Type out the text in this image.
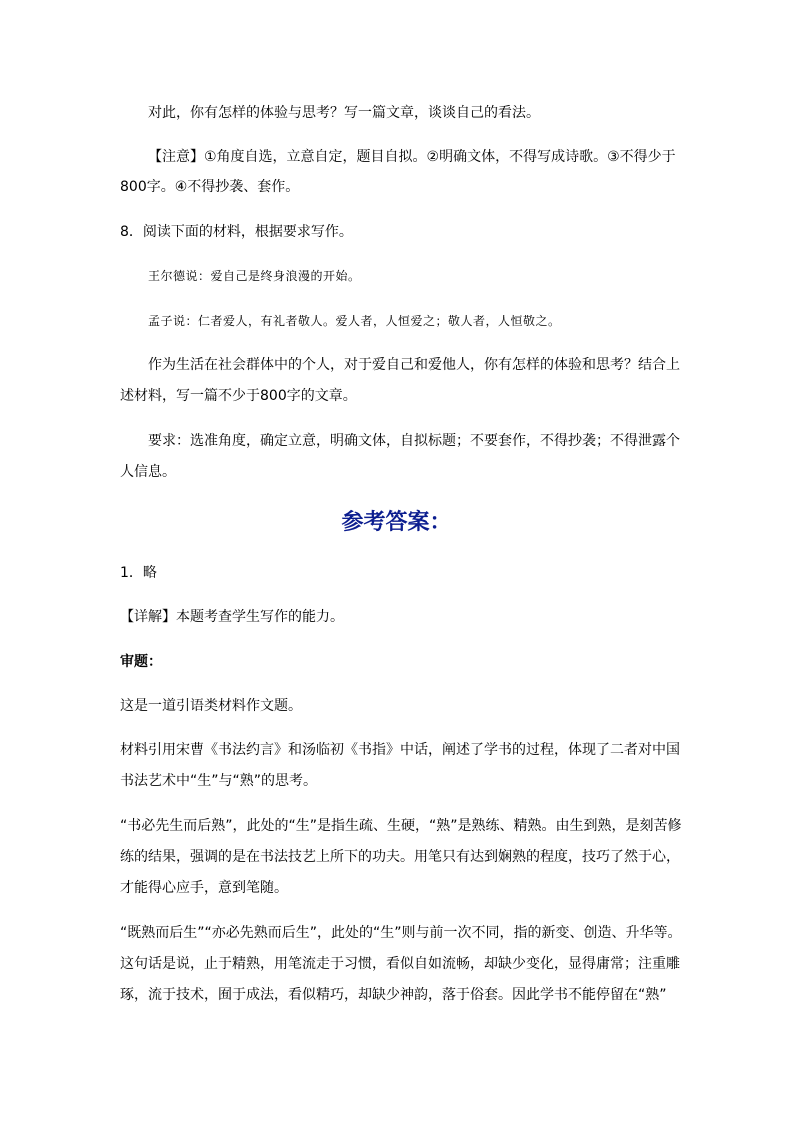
对此，你有怎样的体验与思考？写一篇文章，谈谈自己的看法。
【注意】①角度自选，立意自定，题目自拟。②明确文体，不得写成诗歌。③不得少于
800字。④不得抄袭、套作。
8．阅读下面的材料，根据要求写作。
王尔德说：爱自己是终身浪漫的开始。
孟子说：仁者爱人，有礼者敬人。爱人者，人恒爱之；敬人者，人恒敬之。
作为生活在社会群体中的个人，对于爱自己和爱他人，你有怎样的体验和思考？结合上
述材料，写一篇不少于800字的文章。
要求：选准角度，确定立意，明确文体，自拟标题；不要套作，不得抄袭；不得泄露个
人信息。
参考答案：
1．略
【详解】本题考查学生写作的能力。
审题：
这是一道引语类材料作文题。
材料引用宋曹《书法约言》和汤临初《书指》中话，阐述了学书的过程，体现了二者对中国
书法艺术中“生”与“熟”的思考。
“书必先生而后熟”，此处的“生”是指生疏、生硬，“熟”是熟练、精熟。由生到熟，是刻苦修
练的结果，强调的是在书法技艺上所下的功夫。用笔只有达到娴熟的程度，技巧了然于心，
才能得心应手，意到笔随。
“既熟而后生”“亦必先熟而后生”，此处的“生”则与前一次不同，指的新变、创造、升华等。
这句话是说，止于精熟，用笔流走于习惯，看似自如流畅，却缺少变化，显得庸常；注重雕
琢，流于技术，囿于成法，看似精巧，却缺少神韵，落于俗套。因此学书不能停留在“熟”
